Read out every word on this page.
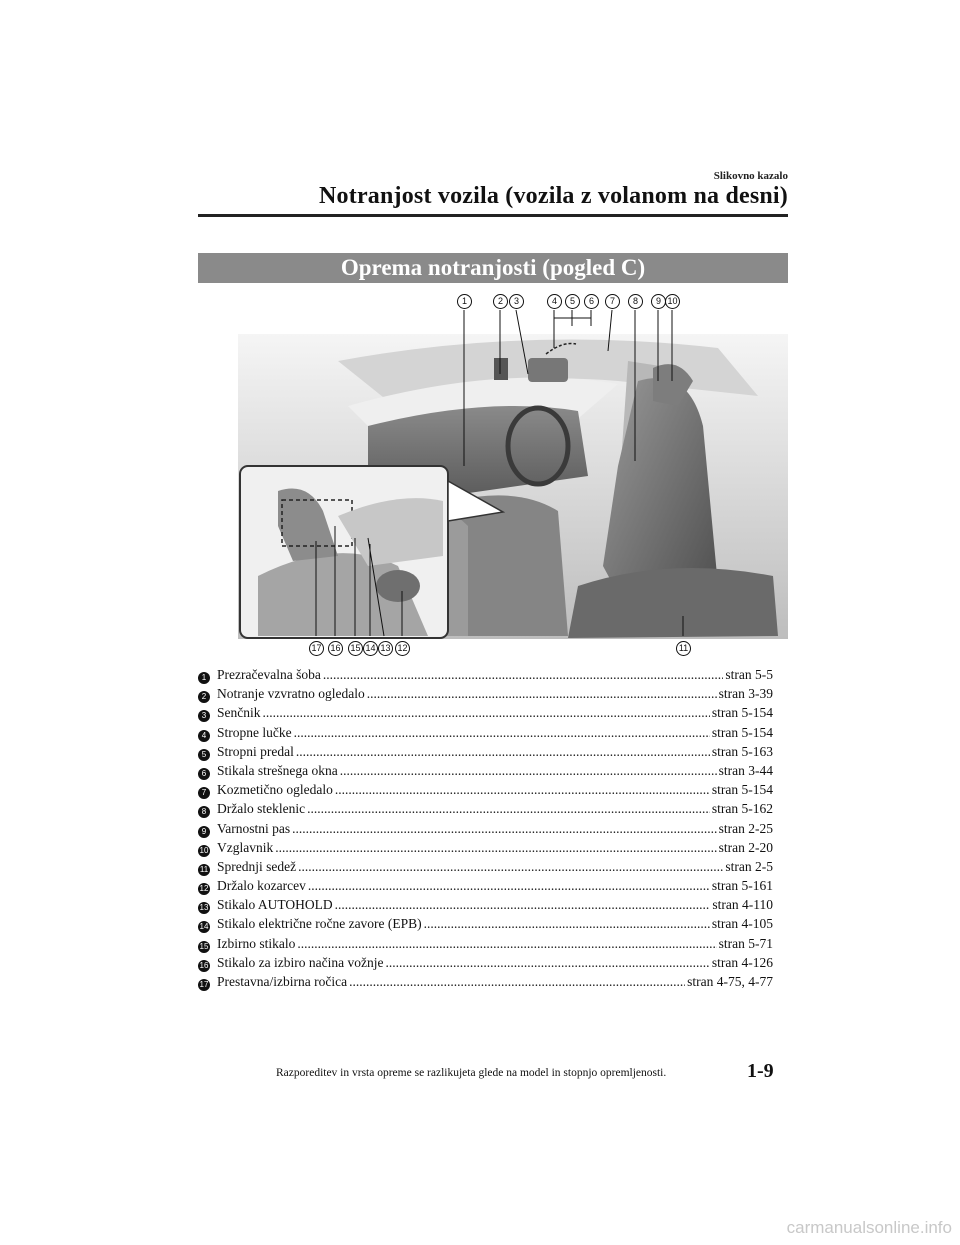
Slikovno kazalo
Notranjost vozila (vozila z volanom na desni)
Oprema notranjosti (pogled C)
1	2	3	4	5	6	7	8	9 10
17 16 15 14 13 12	11
1 Prezračevalna šoba .....	stran 5-5
2 Notranje vzvratno ogledalo .....	stran 3-39
3 Senčnik .....	stran 5-154
4 Stropne lučke .....	stran 5-154
5 Stropni predal .....	stran 5-163
6 Stikala strešnega okna .....	stran 3-44
7 Kozmetično ogledalo .....	stran 5-154
8 Držalo steklenic .....	stran 5-162
9 Varnostni pas .....	stran 2-25
10 Vzglavnik .....	stran 2-20
11 Sprednji sedež .....	stran 2-5
12 Držalo kozarcev .....	stran 5-161
13 Stikalo AUTOHOLD .....	stran 4-110
14 Stikalo električne ročne zavore (EPB) .....	stran 4-105
15 Izbirno stikalo .....	stran 5-71
16 Stikalo za izbiro načina vožnje .....	stran 4-126
17 Prestavna/izbirna ročica .....	stran 4-75, 4-77
Razporeditev in vrsta opreme se razlikujeta glede na model in stopnjo opremljenosti.	1-9
carmanualsonline.info
